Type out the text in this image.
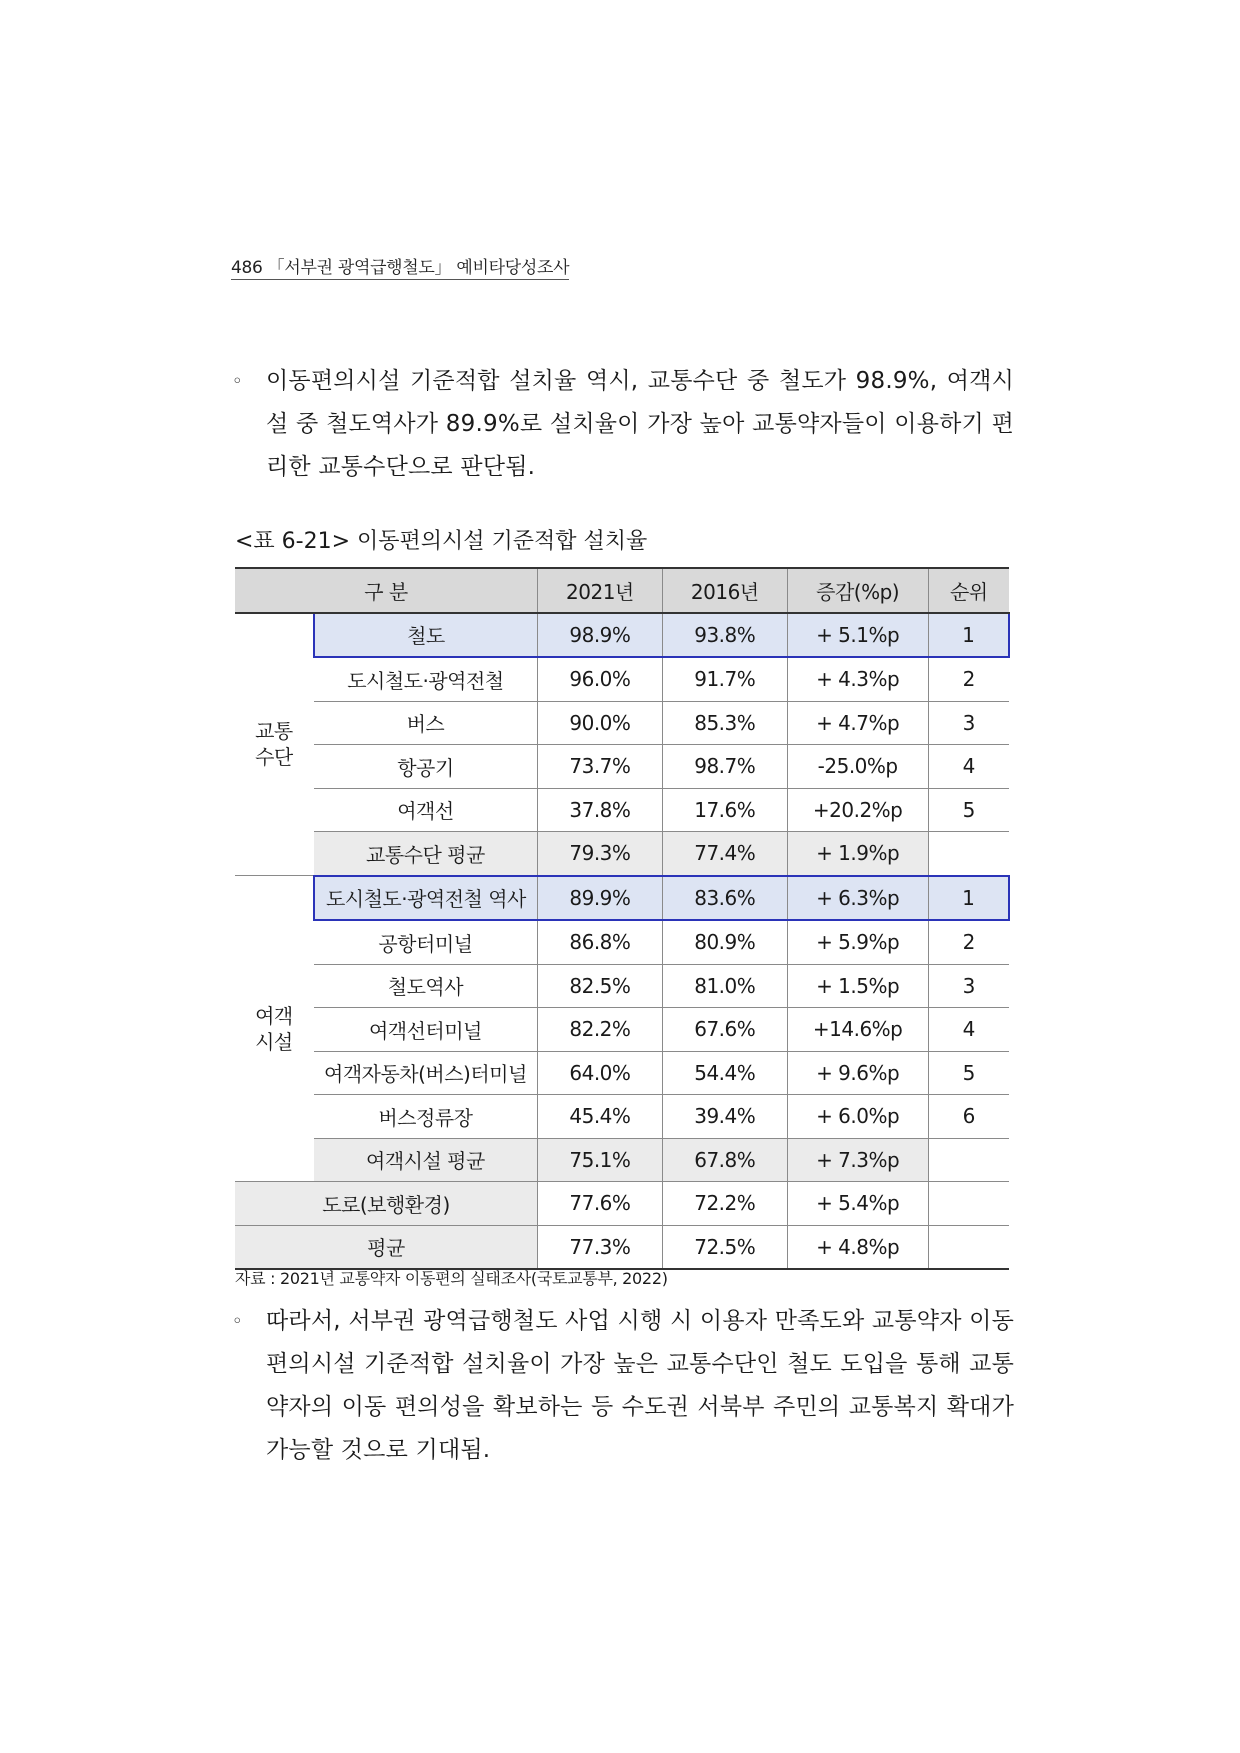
486 「서부권 광역급행철도」 예비타당성조사
◦ 이동편의시설 기준적합 설치율 역시, 교통수단 중 철도가 98.9%, 여객시
설 중 철도역사가 89.9%로 설치율이 가장 높아 교통약자들이 이용하기 편
리한 교통수단으로 판단됨.
<표 6-21> 이동편의시설 기준적합 설치율
구 분		2021년	2016년	증감(%p)	순위
교통
수단	철도	98.9%	93.8%	+ 5.1%p	1
	도시철도·광역전철	96.0%	91.7%	+ 4.3%p	2
	버스	90.0%	85.3%	+ 4.7%p	3
	항공기	73.7%	98.7%	-25.0%p	4
	여객선	37.8%	17.6%	+20.2%p	5
	교통수단 평균	79.3%	77.4%	+ 1.9%p	
여객
시설	도시철도·광역전철 역사	89.9%	83.6%	+ 6.3%p	1
	공항터미널	86.8%	80.9%	+ 5.9%p	2
	철도역사	82.5%	81.0%	+ 1.5%p	3
	여객선터미널	82.2%	67.6%	+14.6%p	4
	여객자동차(버스)터미널	64.0%	54.4%	+ 9.6%p	5
	버스정류장	45.4%	39.4%	+ 6.0%p	6
	여객시설 평균	75.1%	67.8%	+ 7.3%p	
도로(보행환경)		77.6%	72.2%	+ 5.4%p	
평균		77.3%	72.5%	+ 4.8%p	
자료 : 2021년 교통약자 이동편의 실태조사(국토교통부, 2022)
◦ 따라서, 서부권 광역급행철도 사업 시행 시 이용자 만족도와 교통약자 이동
편의시설 기준적합 설치율이 가장 높은 교통수단인 철도 도입을 통해 교통
약자의 이동 편의성을 확보하는 등 수도권 서북부 주민의 교통복지 확대가
가능할 것으로 기대됨.
